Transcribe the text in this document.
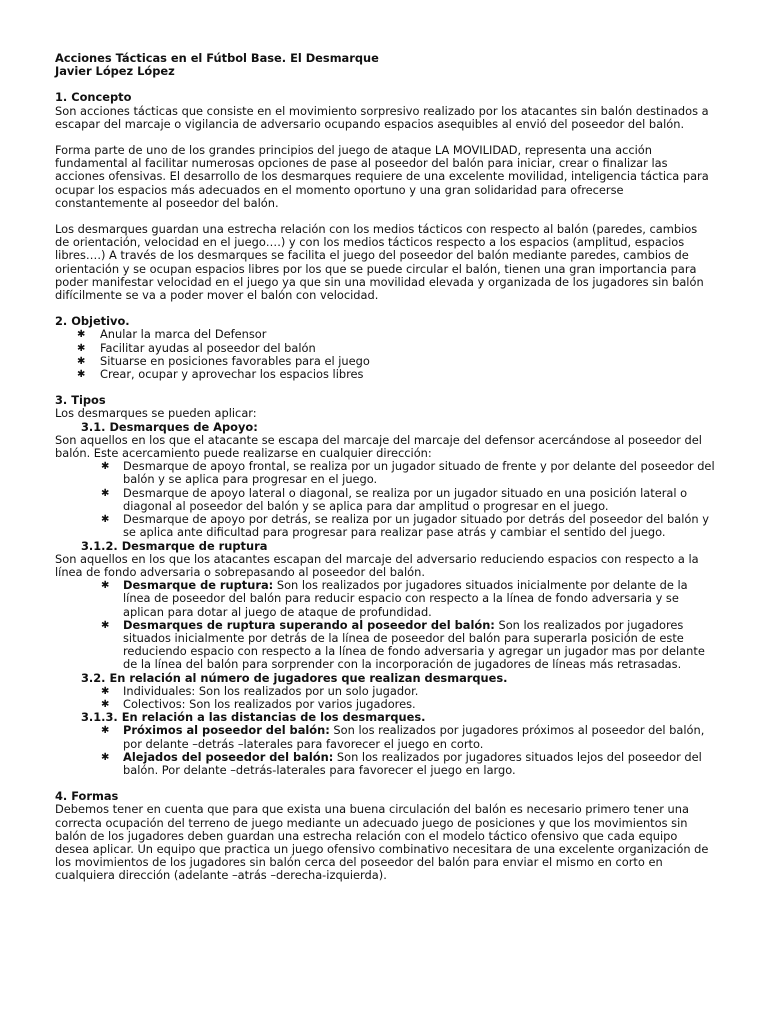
Acciones Tácticas en el Fútbol Base. El Desmarque
Javier López López
1. Concepto

Son acciones tácticas que consiste en el movimiento sorpresivo realizado por los atacantes sin balón destinados a escapar del marcaje o vigilancia de adversario ocupando espacios asequibles al envió del poseedor del balón.

Forma parte de uno de los grandes principios del juego de ataque LA MOVILIDAD, representa una acción fundamental al facilitar numerosas opciones de pase al poseedor del balón para iniciar, crear o finalizar las acciones ofensivas. El desarrollo de los desmarques requiere de una excelente movilidad, inteligencia táctica para ocupar los espacios más adecuados en el momento oportuno y una gran solidaridad para ofrecerse constantemente al poseedor del balón.

Los desmarques guardan una estrecha relación con los medios tácticos con respecto al balón (paredes, cambios de orientación, velocidad en el juego….) y con los medios tácticos respecto a los espacios (amplitud, espacios libres….) A través de los desmarques se facilita el juego del poseedor del balón mediante paredes, cambios de orientación y se ocupan espacios libres por los que se puede circular el balón, tienen una gran importancia para poder manifestar velocidad en el juego ya que sin una movilidad elevada y organizada de los jugadores sin balón difícilmente se va a poder mover el balón con velocidad.

2. Objetivo.
✱ Anular la marca del Defensor
✱ Facilitar ayudas al poseedor del balón
✱ Situarse en posiciones favorables para el juego
✱ Crear, ocupar y aprovechar los espacios libres
3. Tipos

Los desmarques se pueden aplicar:

3.1. Desmarques de Apoyo:

Son aquellos en los que el atacante se escapa del marcaje del marcaje del defensor acercándose al poseedor del balón. Este acercamiento puede realizarse en cualquier dirección:

✱ Desmarque de apoyo frontal, se realiza por un jugador situado de frente y por delante del poseedor del balón y se aplica para progresar en el juego.
✱ Desmarque de apoyo lateral o diagonal, se realiza por un jugador situado en una posición lateral o diagonal al poseedor del balón y se aplica para dar amplitud o progresar en el juego.
✱ Desmarque de apoyo por detrás, se realiza por un jugador situado por detrás del poseedor del balón y se aplica ante dificultad para progresar para realizar pase atrás y cambiar el sentido del juego.
3.1.2. Desmarque de ruptura

Son aquellos en los que los atacantes escapan del marcaje del adversario reduciendo espacios con respecto a la línea de fondo adversaria o sobrepasando al poseedor del balón.

✱ Desmarque de ruptura: Son los realizados por jugadores situados inicialmente por delante de la línea de poseedor del balón para reducir espacio con respecto a la línea de fondo adversaria y se aplican para dotar al juego de ataque de profundidad.
✱ Desmarques de ruptura superando al poseedor del balón: Son los realizados por jugadores situados inicialmente por detrás de la línea de poseedor del balón para superarla posición de este reduciendo espacio con respecto a la línea de fondo adversaria y agregar un jugador mas por delante de la línea del balón para sorprender con la incorporación de jugadores de líneas más retrasadas.
3.2. En relación al número de jugadores que realizan desmarques.
✱ Individuales: Son los realizados por un solo jugador.
✱ Colectivos: Son los realizados por varios jugadores.
3.1.3. En relación a las distancias de los desmarques.
✱ Próximos al poseedor del balón: Son los realizados por jugadores próximos al poseedor del balón, por delante –detrás –laterales para favorecer el juego en corto.
✱ Alejados del poseedor del balón: Son los realizados por jugadores situados lejos del poseedor del balón. Por delante –detrás-laterales para favorecer el juego en largo.
4. Formas

Debemos tener en cuenta que para que exista una buena circulación del balón es necesario primero tener una correcta ocupación del terreno de juego mediante un adecuado juego de posiciones y que los movimientos sin balón de los jugadores deben guardan una estrecha relación con el modelo táctico ofensivo que cada equipo desea aplicar. Un equipo que practica un juego ofensivo combinativo necesitara de una excelente organización de los movimientos de los jugadores sin balón cerca del poseedor del balón para enviar el mismo en corto en cualquiera dirección (adelante –atrás –derecha-izquierda).
